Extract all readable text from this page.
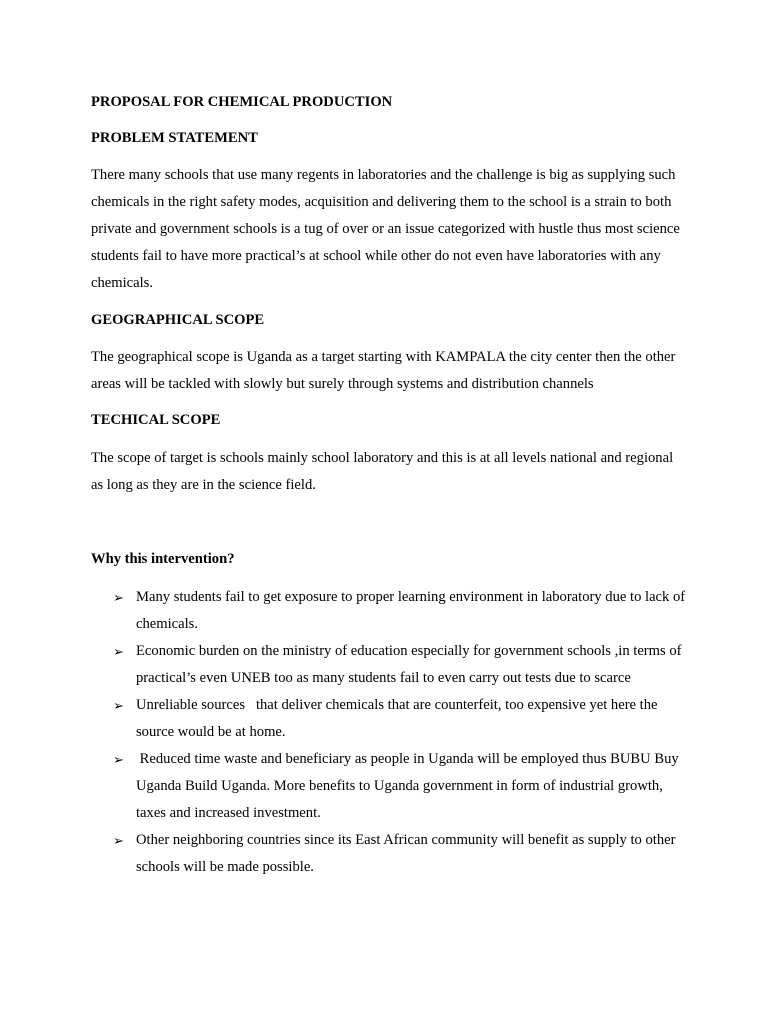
PROPOSAL FOR CHEMICAL PRODUCTION

PROBLEM STATEMENT

There many schools that use many regents in laboratories and the challenge is big as supplying such chemicals in the right safety modes, acquisition and delivering them to the school is a strain to both private and government schools is a tug of over or an issue categorized with hustle thus most science students fail to have more practical’s at school while other do not even have laboratories with any chemicals.

GEOGRAPHICAL SCOPE

The geographical scope is Uganda as a target starting with KAMPALA the city center then the other areas will be tackled with slowly but surely through systems and distribution channels

TECHICAL SCOPE

The scope of target is schools mainly school laboratory and this is at all levels national and regional as long as they are in the science field.

Why this intervention?

➢ Many students fail to get exposure to proper learning environment in laboratory due to lack of chemicals.
➢ Economic burden on the ministry of education especially for government schools ,in terms of practical’s even UNEB too as many students fail to even carry out tests due to scarce
➢ Unreliable sources   that deliver chemicals that are counterfeit, too expensive yet here the source would be at home.
➢ Reduced time waste and beneficiary as people in Uganda will be employed thus BUBU Buy Uganda Build Uganda. More benefits to Uganda government in form of industrial growth, taxes and increased investment.
➢ Other neighboring countries since its East African community will benefit as supply to other schools will be made possible.
